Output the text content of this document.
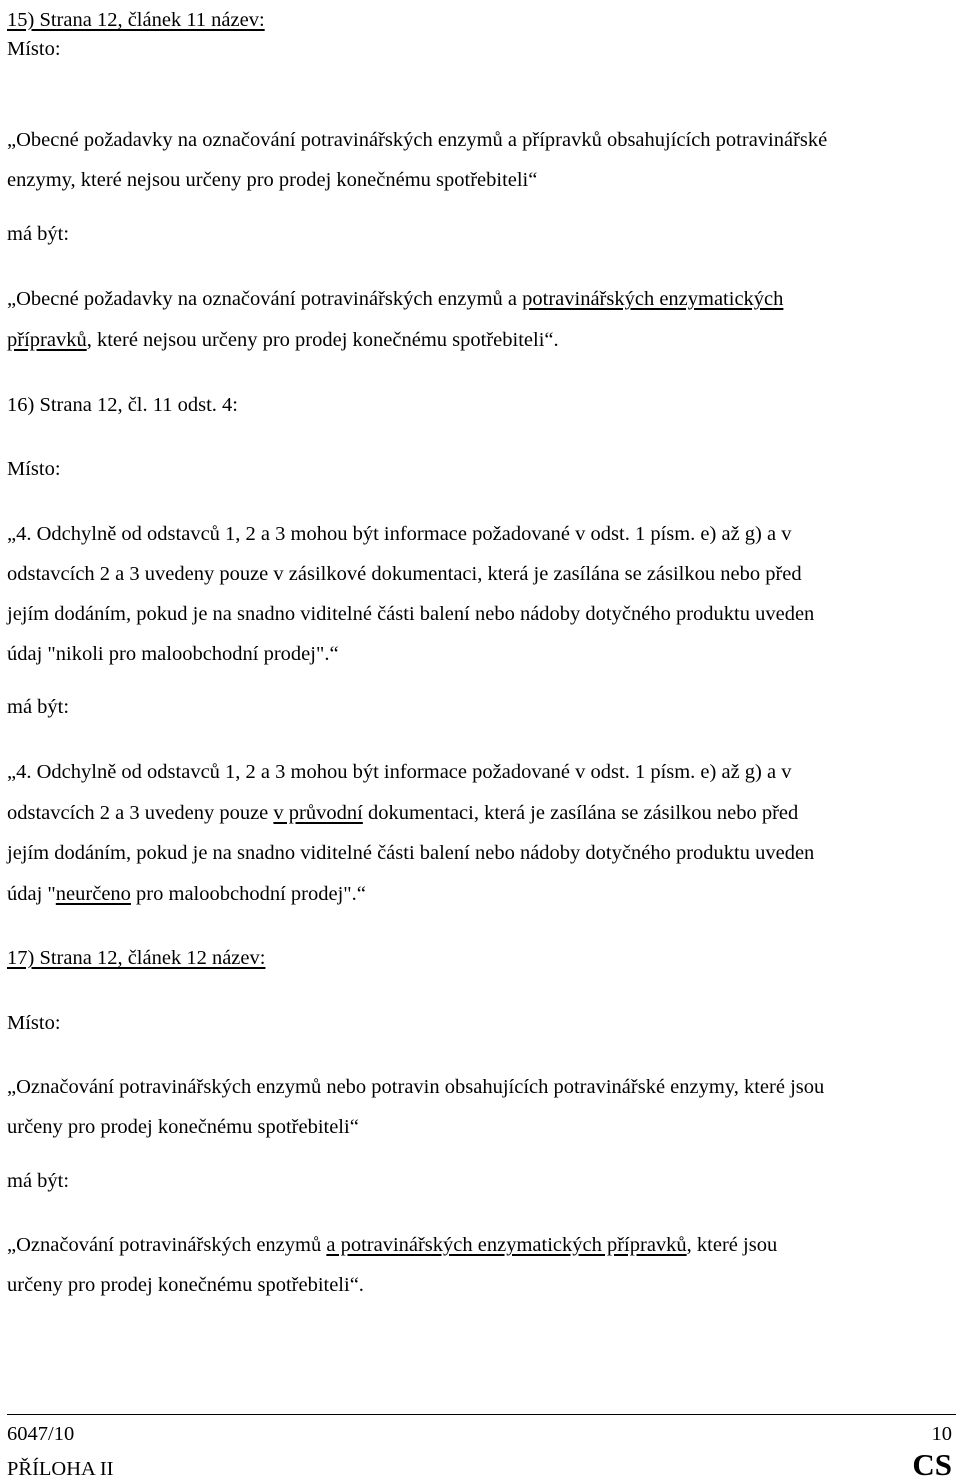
15) Strana 12, článek 11 název:
Místo:
„Obecné požadavky na označování potravinářských enzymů a přípravků obsahujících potravinářské
enzymy, které nejsou určeny pro prodej konečnému spotřebiteli“
má být:
„Obecné požadavky na označování potravinářských enzymů a potravinářských enzymatických
přípravků, které nejsou určeny pro prodej konečnému spotřebiteli“.
16) Strana 12, čl. 11 odst. 4:
Místo:
„4. Odchylně od odstavců 1, 2 a 3 mohou být informace požadované v odst. 1 písm. e) až g) a v
odstavcích 2 a 3 uvedeny pouze v zásilkové dokumentaci, která je zasílána se zásilkou nebo před
jejím dodáním, pokud je na snadno viditelné části balení nebo nádoby dotyčného produktu uveden
údaj "nikoli pro maloobchodní prodej".“
má být:
„4. Odchylně od odstavců 1, 2 a 3 mohou být informace požadované v odst. 1 písm. e) až g) a v
odstavcích 2 a 3 uvedeny pouze v průvodní dokumentaci, která je zasílána se zásilkou nebo před
jejím dodáním, pokud je na snadno viditelné části balení nebo nádoby dotyčného produktu uveden
údaj "neurčeno pro maloobchodní prodej".“
17) Strana 12, článek 12 název:
Místo:
„Označování potravinářských enzymů nebo potravin obsahujících potravinářské enzymy, které jsou
určeny pro prodej konečnému spotřebiteli“
má být:
„Označování potravinářských enzymů a potravinářských enzymatických přípravků, které jsou
určeny pro prodej konečnému spotřebiteli“.
6047/10
PŘÍLOHA II
10
CS
